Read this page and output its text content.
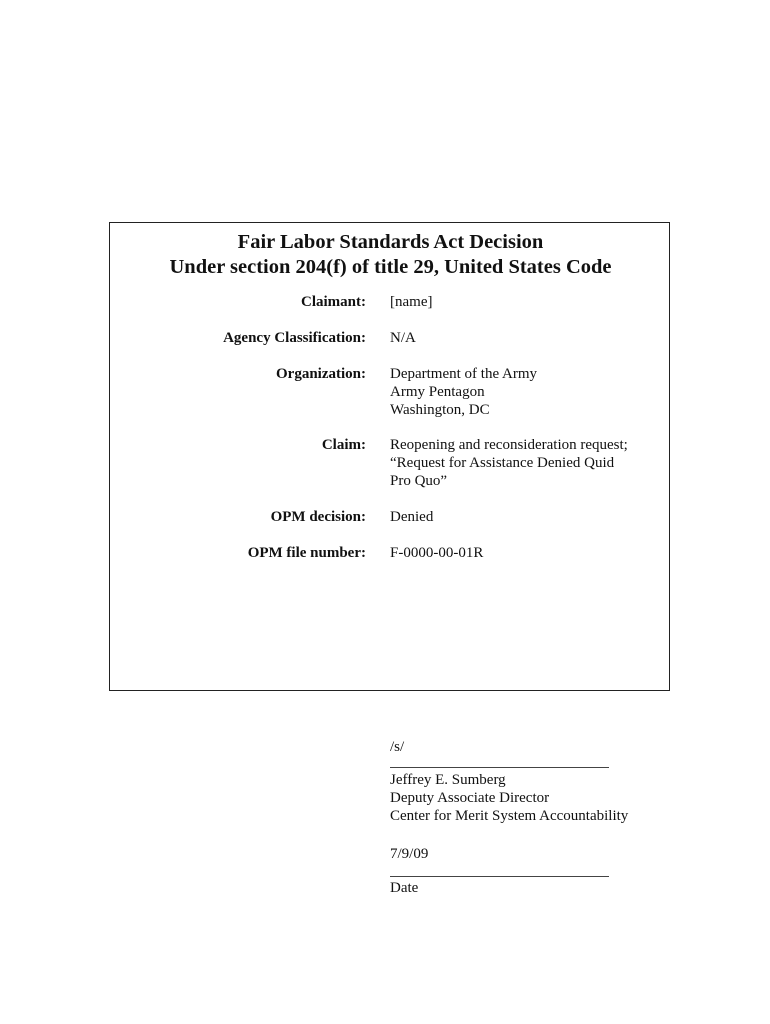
Fair Labor Standards Act Decision
Under section 204(f) of title 29, United States Code
Claimant: [name]
Agency Classification: N/A
Organization: Department of the Army
Army Pentagon
Washington, DC
Claim: Reopening and reconsideration request;
“Request for Assistance Denied Quid
Pro Quo”
OPM decision: Denied
OPM file number: F-0000-00-01R
/s/
Jeffrey E. Sumberg
Deputy Associate Director
Center for Merit System Accountability
7/9/09
Date
